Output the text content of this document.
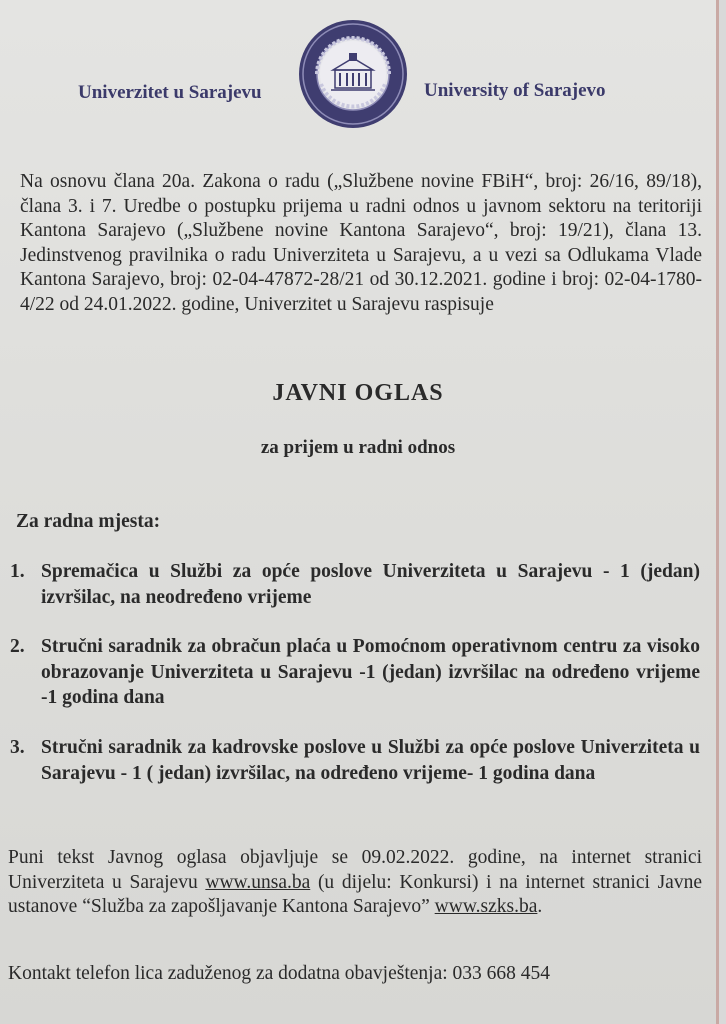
Univerzitet u Sarajevu	University of Sarajevo
Na osnovu člana 20a. Zakona o radu („Službene novine FBiH“, broj: 26/16, 89/18), člana 3. i 7. Uredbe o postupku prijema u radni odnos u javnom sektoru na teritoriji Kantona Sarajevo („Službene novine Kantona Sarajevo“, broj: 19/21), člana 13. Jedinstvenog pravilnika o radu Univerziteta u Sarajevu, a u vezi sa Odlukama Vlade Kantona Sarajevo, broj: 02-04-47872-28/21 od 30.12.2021. godine i broj: 02-04-1780-4/22 od 24.01.2022. godine, Univerzitet u Sarajevu raspisuje
JAVNI OGLAS
za prijem u radni odnos
Za radna mjesta:
1. Spremačica u Službi za opće poslove Univerziteta u Sarajevu - 1 (jedan) izvršilac, na neodređeno vrijeme
2. Stručni saradnik za obračun plaća u Pomoćnom operativnom centru za visoko obrazovanje Univerziteta u Sarajevu -1 (jedan) izvršilac na određeno vrijeme -1 godina dana
3. Stručni saradnik za kadrovske poslove u Službi za opće poslove Univerziteta u Sarajevu - 1 ( jedan) izvršilac, na određeno vrijeme- 1 godina dana
Puni tekst Javnog oglasa objavljuje se 09.02.2022. godine, na internet stranici Univerziteta u Sarajevu www.unsa.ba (u dijelu: Konkursi) i na internet stranici Javne ustanove “Služba za zapošljavanje Kantona Sarajevo” www.szks.ba.
Kontakt telefon lica zaduženog za dodatna obavještenja: 033 668 454
